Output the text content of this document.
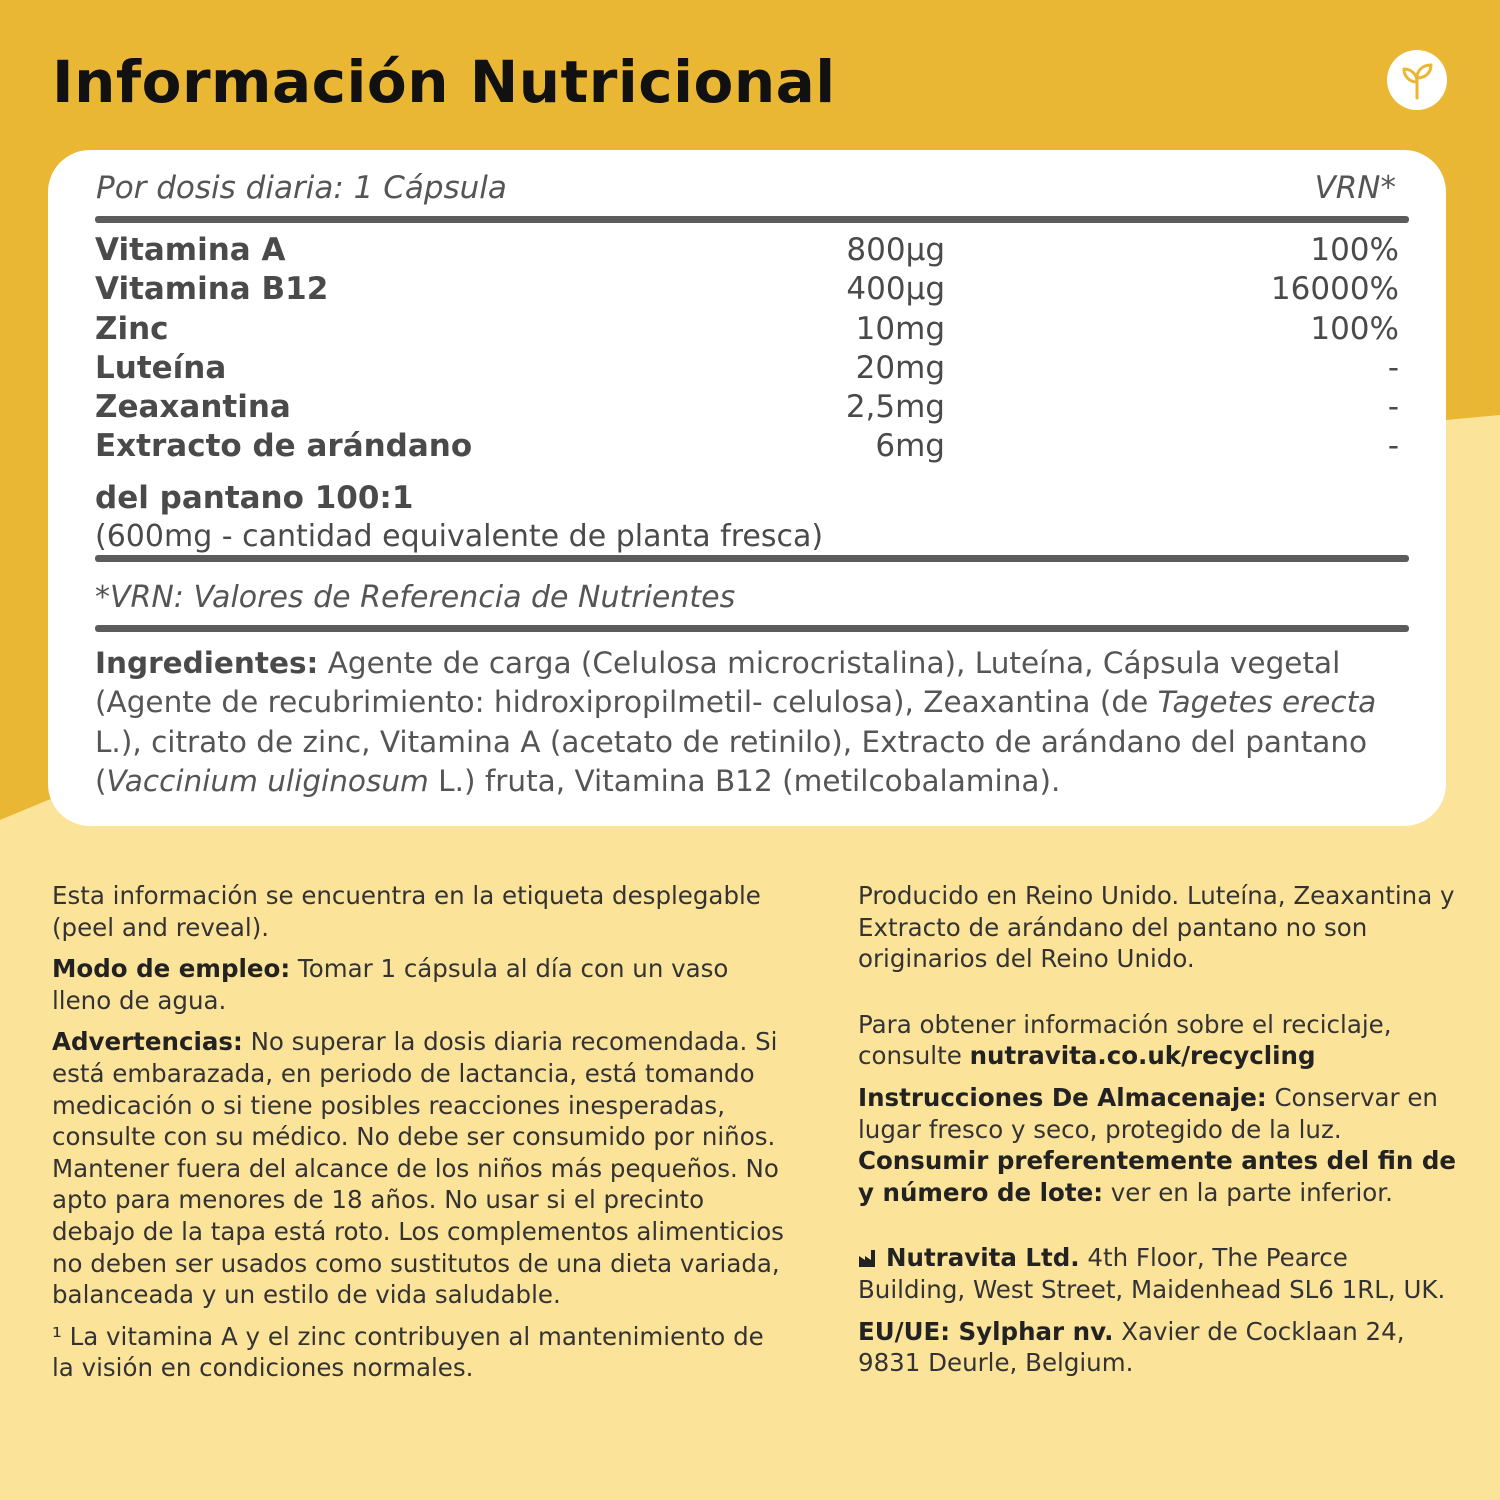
Información Nutricional
Por dosis diaria: 1 Cápsula	VRN*
Vitamina A	800µg	100%
Vitamina B12	400µg	16000%
Zinc	10mg	100%
Luteína	20mg	-
Zeaxantina	2,5mg	-
Extracto de arándano	6mg	-
del pantano 100:1
(600mg - cantidad equivalente de planta fresca)
*VRN: Valores de Referencia de Nutrientes

Ingredientes: Agente de carga (Celulosa microcristalina), Luteína, Cápsula vegetal (Agente de recubrimiento: hidroxipropilmetil- celulosa), Zeaxantina (de Tagetes erecta L.), citrato de zinc, Vitamina A (acetato de retinilo), Extracto de arándano del pantano (Vaccinium uliginosum L.) fruta, Vitamina B12 (metilcobalamina).

Esta información se encuentra en la etiqueta desplegable (peel and reveal).

Modo de empleo: Tomar 1 cápsula al día con un vaso lleno de agua.

Advertencias: No superar la dosis diaria recomendada. Si está embarazada, en periodo de lactancia, está tomando medicación o si tiene posibles reacciones inesperadas, consulte con su médico. No debe ser consumido por niños. Mantener fuera del alcance de los niños más pequeños. No apto para menores de 18 años. No usar si el precinto debajo de la tapa está roto. Los complementos alimenticios no deben ser usados como sustitutos de una dieta variada, balanceada y un estilo de vida saludable.

¹ La vitamina A y el zinc contribuyen al mantenimiento de la visión en condiciones normales.

Producido en Reino Unido. Luteína, Zeaxantina y Extracto de arándano del pantano no son originarios del Reino Unido.

Para obtener información sobre el reciclaje, consulte nutravita.co.uk/recycling

Instrucciones De Almacenaje: Conservar en lugar fresco y seco, protegido de la luz.
Consumir preferentemente antes del fin de y número de lote: ver en la parte inferior.

Nutravita Ltd. 4th Floor, The Pearce Building, West Street, Maidenhead SL6 1RL, UK.

EU/UE: Sylphar nv. Xavier de Cocklaan 24, 9831 Deurle, Belgium.
